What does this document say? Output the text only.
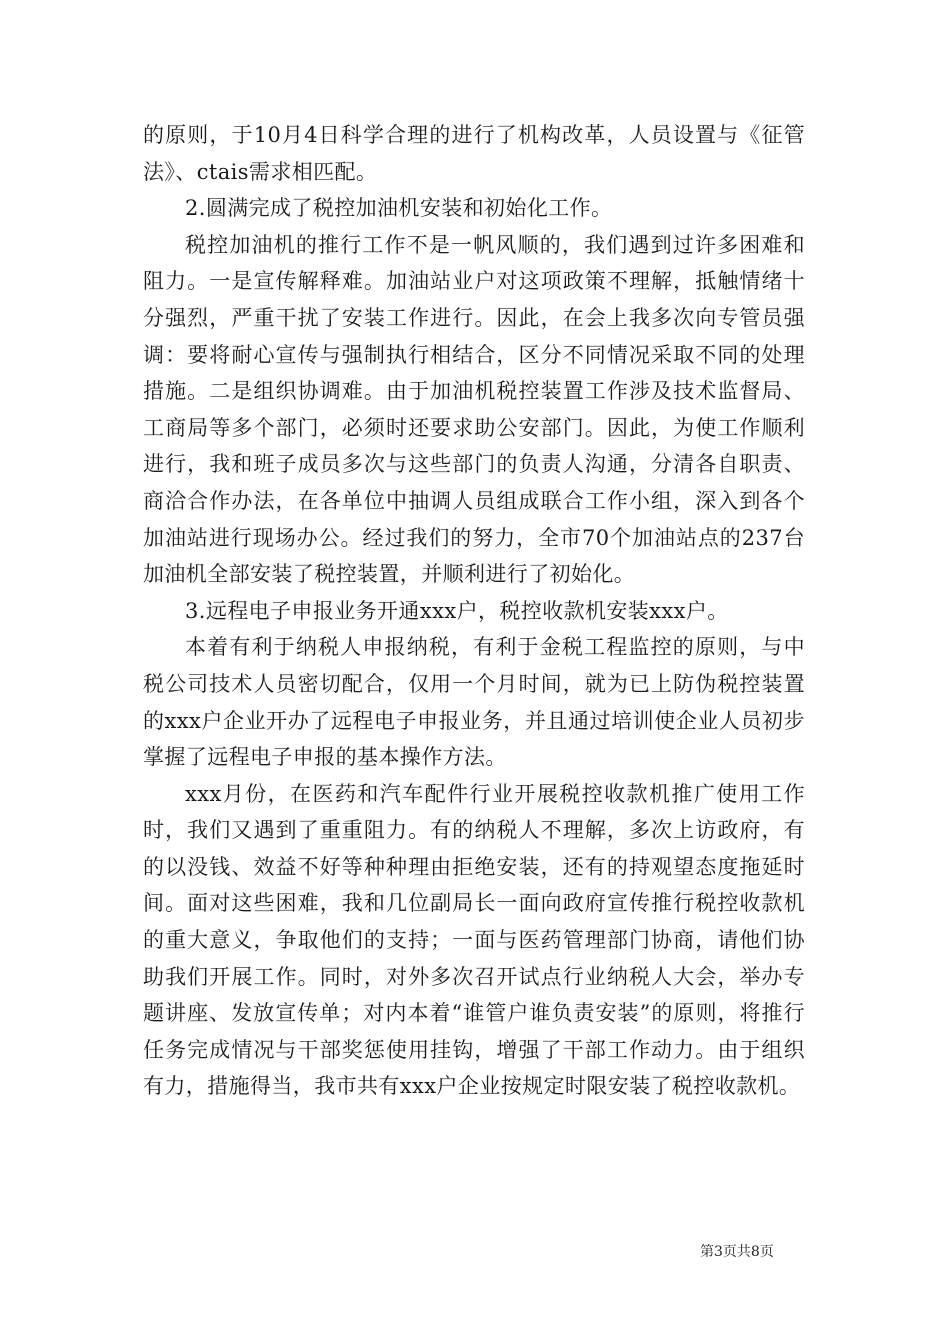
的原则，于10月4日科学合理的进行了机构改革，人员设置与《征管法》、ctais需求相匹配。

2.圆满完成了税控加油机安装和初始化工作。

税控加油机的推行工作不是一帆风顺的，我们遇到过许多困难和阻力。一是宣传解释难。加油站业户对这项政策不理解，抵触情绪十分强烈，严重干扰了安装工作进行。因此，在会上我多次向专管员强调：要将耐心宣传与强制执行相结合，区分不同情况采取不同的处理措施。二是组织协调难。由于加油机税控装置工作涉及技术监督局、工商局等多个部门，必须时还要求助公安部门。因此，为使工作顺利进行，我和班子成员多次与这些部门的负责人沟通，分清各自职责、商洽合作办法，在各单位中抽调人员组成联合工作小组，深入到各个加油站进行现场办公。经过我们的努力，全市70个加油站点的237台加油机全部安装了税控装置，并顺利进行了初始化。

3.远程电子申报业务开通xxx户，税控收款机安装xxx户。

本着有利于纳税人申报纳税，有利于金税工程监控的原则，与中税公司技术人员密切配合，仅用一个月时间，就为已上防伪税控装置的xxx户企业开办了远程电子申报业务，并且通过培训使企业人员初步掌握了远程电子申报的基本操作方法。

xxx月份，在医药和汽车配件行业开展税控收款机推广使用工作时，我们又遇到了重重阻力。有的纳税人不理解，多次上访政府，有的以没钱、效益不好等种种理由拒绝安装，还有的持观望态度拖延时间。面对这些困难，我和几位副局长一面向政府宣传推行税控收款机的重大意义，争取他们的支持；一面与医药管理部门协商，请他们协助我们开展工作。同时，对外多次召开试点行业纳税人大会，举办专题讲座、发放宣传单；对内本着“谁管户谁负责安装”的原则，将推行任务完成情况与干部奖惩使用挂钩，增强了干部工作动力。由于组织有力，措施得当，我市共有xxx户企业按规定时限安装了税控收款机。

第3页共8页
